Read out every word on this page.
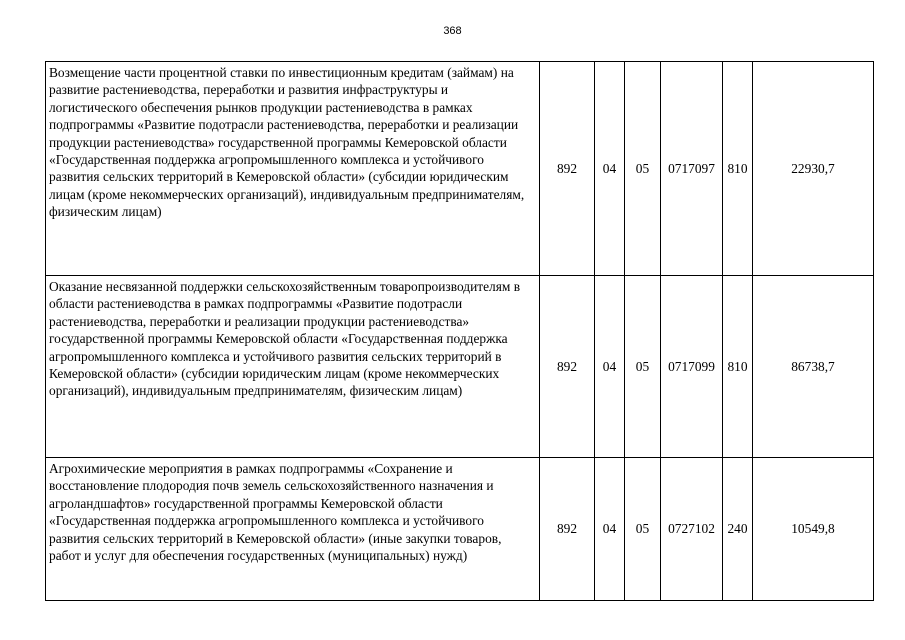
368
Возмещение части процентной ставки по инвестиционным кредитам (займам) на развитие растениеводства, переработки и развития инфраструктуры и логистического обеспечения рынков продукции растениеводства в рамках подпрограммы «Развитие подотрасли растениеводства, переработки и реализации продукции растениеводства» государственной программы Кемеровской области «Государственная поддержка агропромышленного комплекса и устойчивого развития сельских территорий в Кемеровской области» (субсидии юридическим лицам (кроме некоммерческих организаций), индивидуальным предпринимателям, физическим лицам)	892	04	05	0717097	810	22930,7
Оказание несвязанной поддержки сельскохозяйственным товаропроизводителям в области растениеводства в рамках подпрограммы «Развитие подотрасли растениеводства, переработки и реализации продукции растениеводства» государственной программы Кемеровской области «Государственная поддержка агропромышленного комплекса и устойчивого развития сельских территорий в Кемеровской области» (субсидии юридическим лицам (кроме некоммерческих организаций), индивидуальным предпринимателям, физическим лицам)	892	04	05	0717099	810	86738,7
Агрохимические мероприятия в рамках подпрограммы «Сохранение и восстановление плодородия почв земель сельскохозяйственного назначения и агроландшафтов» государственной программы Кемеровской области «Государственная поддержка агропромышленного комплекса и устойчивого развития сельских территорий в Кемеровской области» (иные закупки товаров, работ и услуг для обеспечения государственных (муниципальных) нужд)	892	04	05	0727102	240	10549,8
